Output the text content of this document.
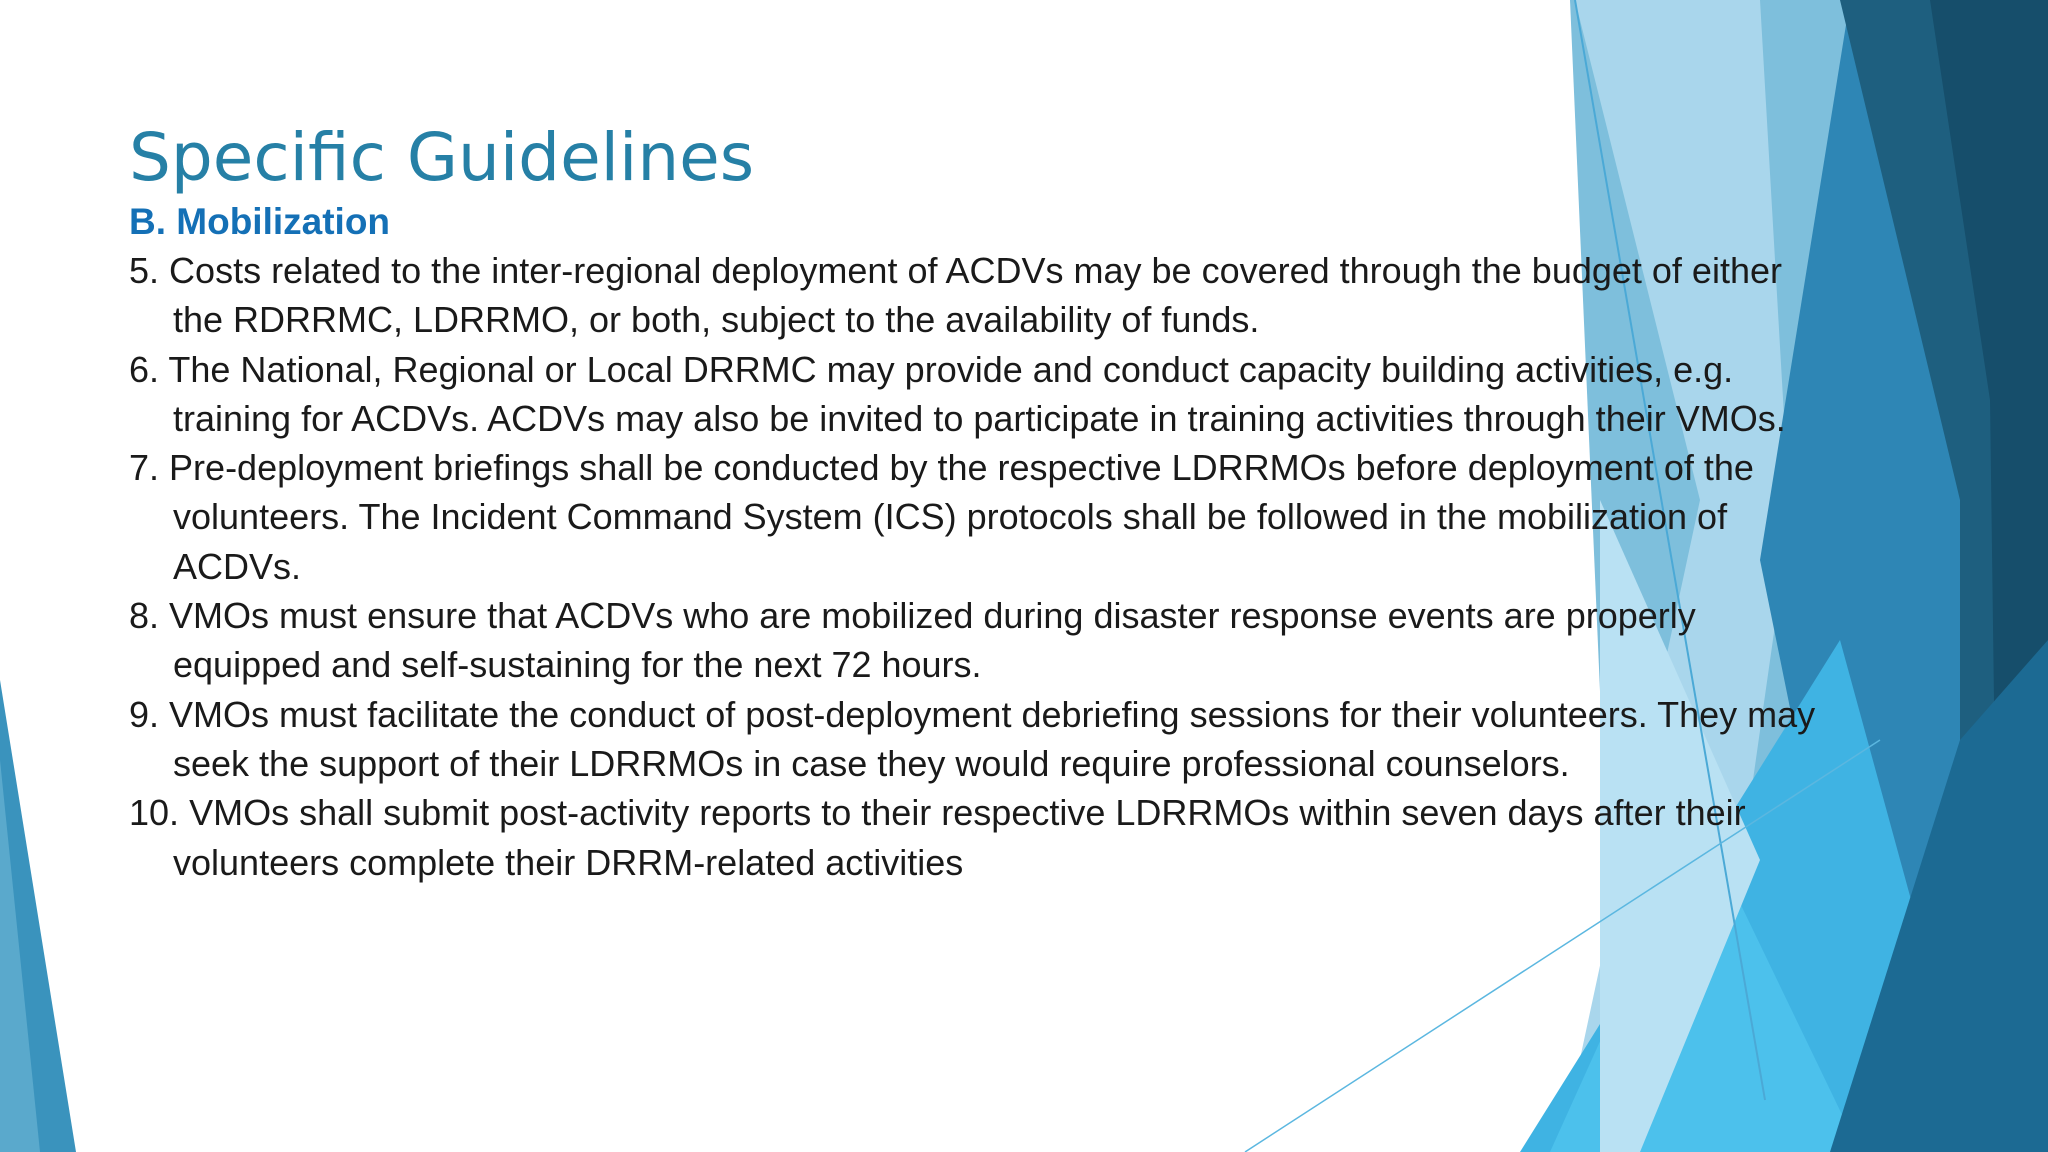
Specific Guidelines
B. Mobilization
5. Costs related to the inter-regional deployment of ACDVs may be covered through the budget of either the RDRRMC, LDRRMO, or both, subject to the availability of funds.
6. The National, Regional or Local DRRMC may provide and conduct capacity building activities, e.g. training for ACDVs. ACDVs may also be invited to participate in training activities through their VMOs.
7. Pre-deployment briefings shall be conducted by the respective LDRRMOs before deployment of the volunteers. The Incident Command System (ICS) protocols shall be followed in the mobilization of ACDVs.
8. VMOs must ensure that ACDVs who are mobilized during disaster response events are properly equipped and self-sustaining for the next 72 hours.
9. VMOs must facilitate the conduct of post-deployment debriefing sessions for their volunteers. They may seek the support of their LDRRMOs in case they would require professional counselors.
10. VMOs shall submit post-activity reports to their respective LDRRMOs within seven days after their volunteers complete their DRRM-related activities
